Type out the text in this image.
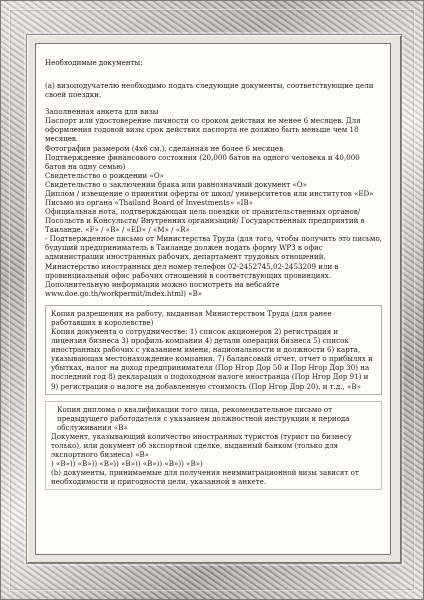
Необходимые документы:

(a) визоподучателю необходимо подать следующие документы, соответствующие цели своей поездки.

Заполненная анкета для визы

Паспорт или удостоверение личности со сроком действия не менее 6 месяцев. Для оформления годовой визы срок действия паспорта не должно быть меньше чем 18 месяцев.

Фотография размером (4x6 см.), сделанная не более 6 месяцев

Подтверждение финансового состояния (20,000 батов на одного человека и 40,000 батов на одну семью)

Свидетельство о рождении «O»

Свидетельство о заключении брака или равнозначный документ «O»

Диплом / извещение о принятии оферты от школ/ университетов или институтов «ED»

Письмо из органа «Thailand Board of Investments» «IB»

Официальная нота, подтверждающая цель поездки от правительственных органов/Посольств и Консульств/ Внутренних организаций/ Государственных предприятий в Таиланде. «F» / «B» / «ED» / «M» / «R»

- Подтвержденное письмо от Министерства Труда (для того, чтобы получить это письмо, будущий предприниматель в Таиланде должен подать форму WP3 в офис администрации иностранных рабочих, департамент трудовых отношений, Министерство иностранных дел номер телефон 02-2452745,02-2453209 или в провинциальный офис рабочих отношений в соответствующих провинциях. Дополнительную информации можно посмотреть на вебсайте www.doe.go.th/workpermit/index.html) «B»

Копия разрешения на работу, выданная Министерством Труда (для ранее работавших в королевстве)

Копия документа о сотрудничестве: 1) список акционеров 2) регистрация и лицензия бизнеса 3) профиль компании 4) детали операции бизнеса 5) список иностранных рабочих с указанием имени, национальности и должности 6) карта, указывающая местонахождение компании. 7) балансовый отчет, отчет о прибылях и убытках, налог на доход предпринимателя (Пор Нгор Дор 50 и Пор Нгор Дор 30) на последний год 8) декларация о подоходном налоге иностранца (Пор Нгор Дор 91) и 9) регистрация о налоге на добавленную стоимость (Пор Нгор Дор 20), и т.д., «B»

Копия диплома о квалификации того лица, рекомендательное письмо от предыдущего работодателя с указанием должностной инструкции и периода обслуживания «B»

Документ, указывающий количество иностранных туристов (турист по бизнесу только), или документ об экспортной сделке, выданный банком (только для экспортного бизнеса) «B»

) «B»)) «B»)) «B»)) «B»)) «B»)) «B»)) «B»)

(b) документы, принимаемые для получения неиммиграционной визы зависят от необходимости и пригодности цели, указанной в анкете.
